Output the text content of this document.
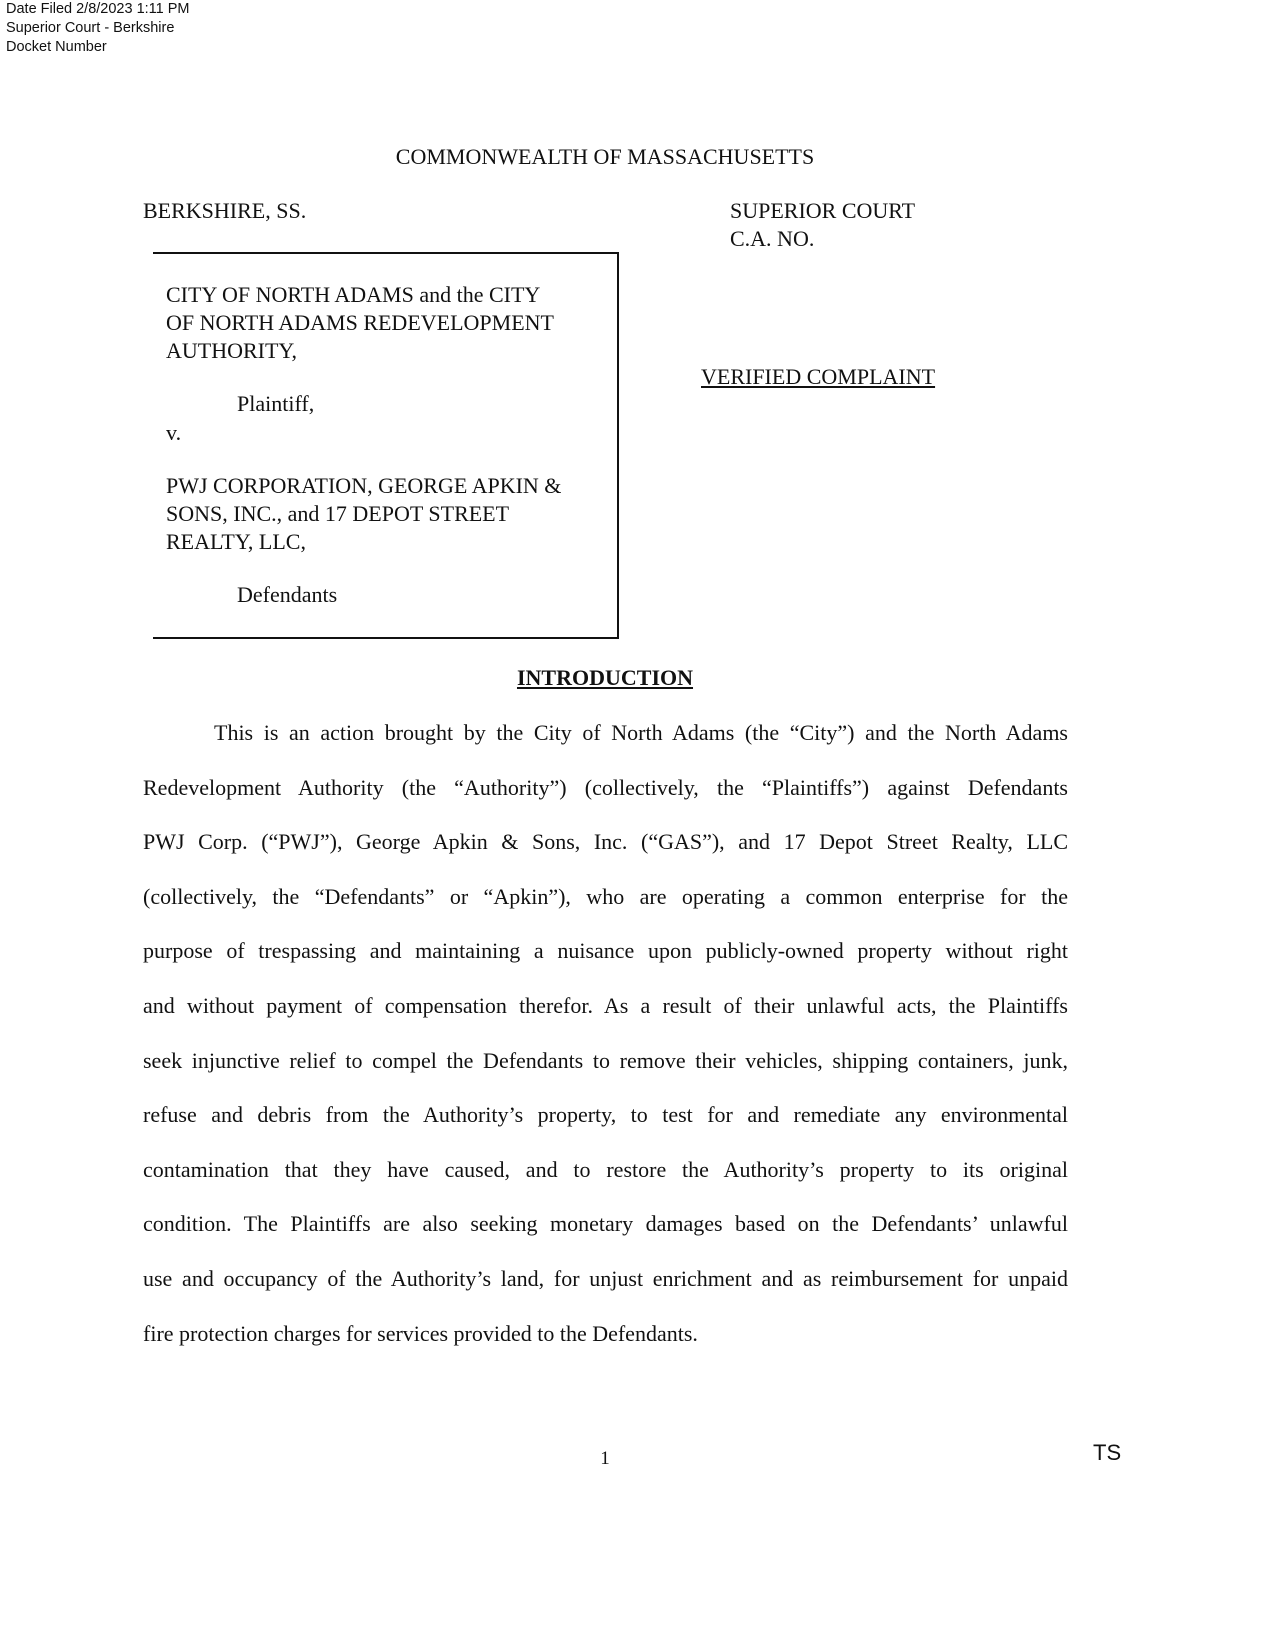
Date Filed 2/8/2023 1:11 PM
Superior Court - Berkshire
Docket Number
COMMONWEALTH OF MASSACHUSETTS
BERKSHIRE, SS.	SUPERIOR COURT
C.A. NO.
CITY OF NORTH ADAMS and the CITY
OF NORTH ADAMS REDEVELOPMENT
AUTHORITY,
Plaintiff,
v.
PWJ CORPORATION, GEORGE APKIN &
SONS, INC., and 17 DEPOT STREET
REALTY, LLC,
Defendants
VERIFIED COMPLAINT
INTRODUCTION
This is an action brought by the City of North Adams (the “City”) and the North Adams
Redevelopment Authority (the “Authority”) (collectively, the “Plaintiffs”) against Defendants
PWJ Corp. (“PWJ”), George Apkin & Sons, Inc. (“GAS”), and 17 Depot Street Realty, LLC
(collectively, the “Defendants” or “Apkin”), who are operating a common enterprise for the
purpose of trespassing and maintaining a nuisance upon publicly-owned property without right
and without payment of compensation therefor. As a result of their unlawful acts, the Plaintiffs
seek injunctive relief to compel the Defendants to remove their vehicles, shipping containers, junk,
refuse and debris from the Authority’s property, to test for and remediate any environmental
contamination that they have caused, and to restore the Authority’s property to its original
condition. The Plaintiffs are also seeking monetary damages based on the Defendants’ unlawful
use and occupancy of the Authority’s land, for unjust enrichment and as reimbursement for unpaid
fire protection charges for services provided to the Defendants.
1	TS
